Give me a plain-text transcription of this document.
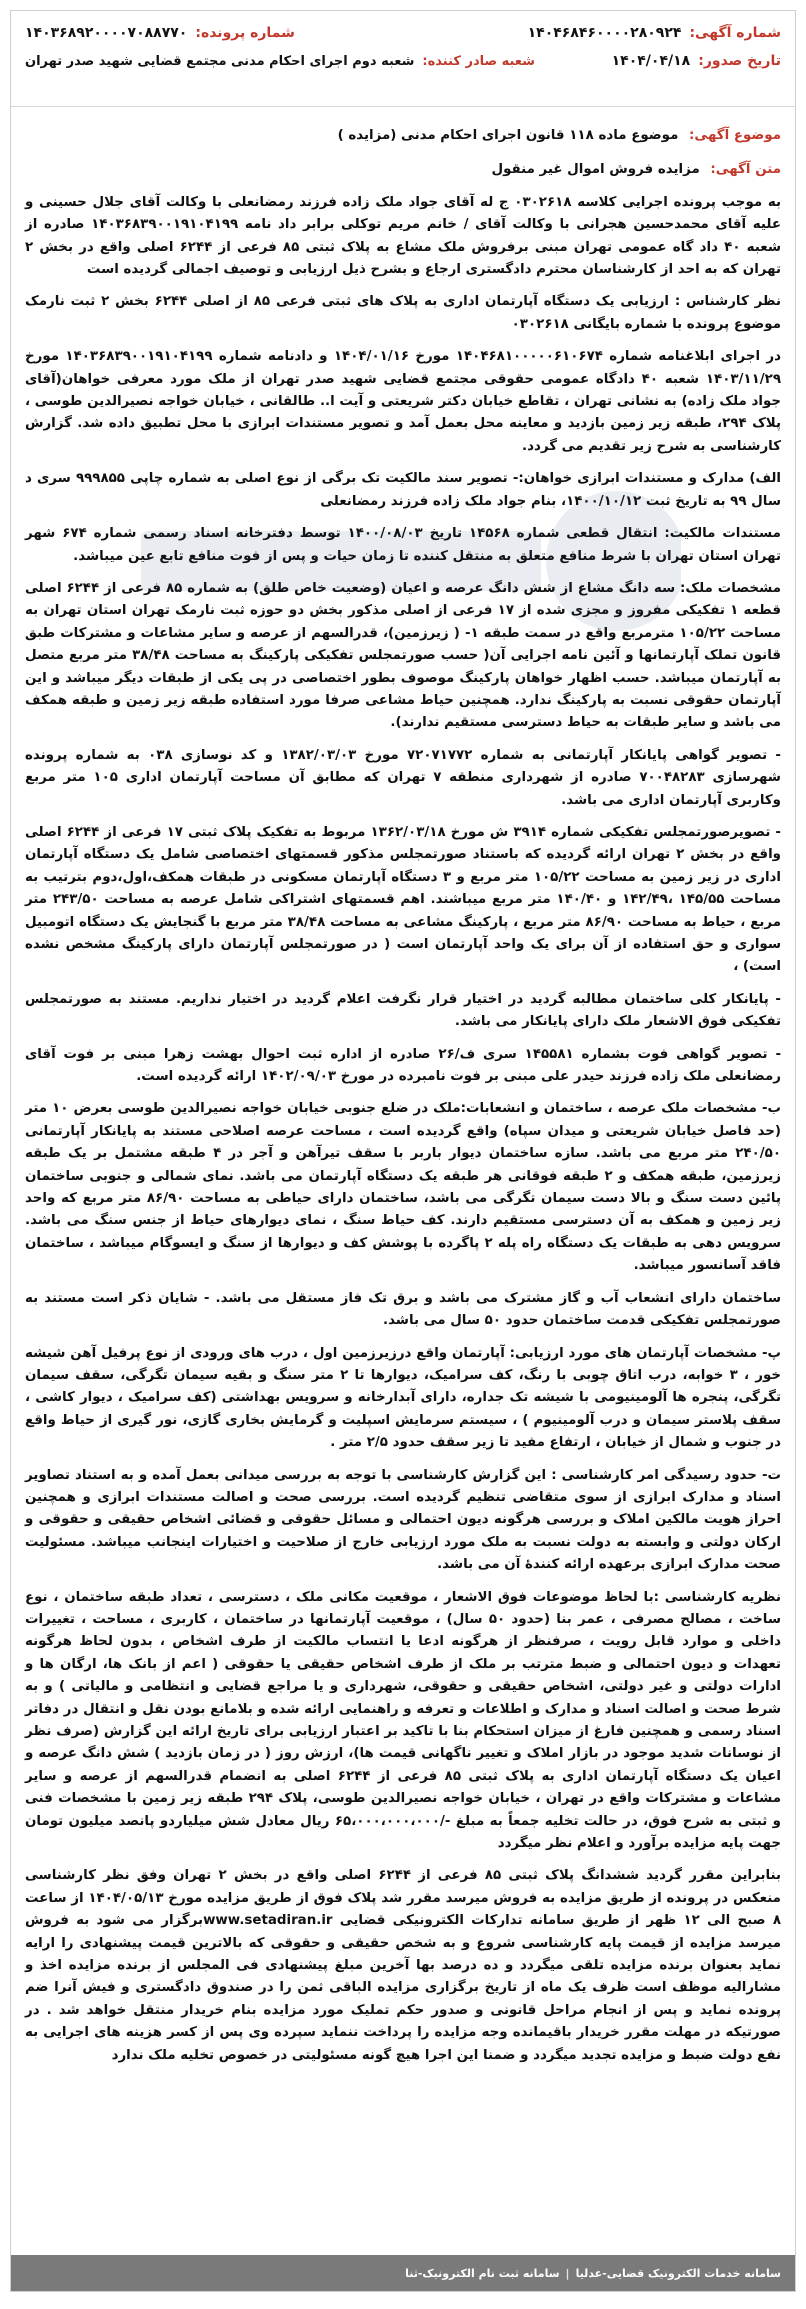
شماره آگهی:
۱۴۰۴۶۸۴۶۰۰۰۰۲۸۰۹۲۴
شماره پرونده:
۱۴۰۳۶۸۹۲۰۰۰۰۷۰۸۸۷۷۰
تاریخ صدور:
۱۴۰۴/۰۴/۱۸
شعبه صادر کننده:
شعبه دوم اجرای احکام مدنی مجتمع قضایی شهید صدر تهران
موضوع آگهی: موضوع ماده ۱۱۸ قانون اجرای احکام مدنی (مزایده )
متن آگهی: مزایده فروش اموال غیر منقول

به موجب پرونده اجرایی کلاسه ۰۳۰۲۶۱۸ ج له آقای جواد ملک زاده فرزند رمضانعلی با وکالت آقای جلال حسینی و علیه آقای محمدحسین هجرانی با وکالت آقای / خانم مریم توکلی برابر داد نامه ۱۴۰۳۶۸۳۹۰۰۱۹۱۰۴۱۹۹ صادره از شعبه ۴۰ داد گاه عمومی تهران مبنی برفروش ملک مشاع به پلاک ثبتی ۸۵ فرعی از ۶۲۴۴ اصلی واقع در بخش ۲ تهران که به احد از کارشناسان محترم دادگستری ارجاع و بشرح ذیل ارزیابی و توصیف اجمالی گردیده است

نظر کارشناس : ارزیابی یک دستگاه آپارتمان اداری به پلاک های ثبتی فرعی ۸۵ از اصلی ۶۲۴۴ بخش ۲ ثبت نارمک موضوع پرونده با شماره بایگانی ۰۳۰۲۶۱۸

در اجرای ابلاغنامه شماره ۱۴۰۴۶۸۱۰۰۰۰۰۶۱۰۶۷۴ مورخ ۱۴۰۴/۰۱/۱۶ و دادنامه شماره ۱۴۰۳۶۸۳۹۰۰۱۹۱۰۴۱۹۹ مورخ ۱۴۰۳/۱۱/۲۹ شعبه ۴۰ دادگاه عمومی حقوقی مجتمع قضایی شهید صدر تهران از ملک مورد معرفی خواهان(آقای جواد ملک زاده) به نشانی تهران ، تقاطع خیابان دکتر شریعتی و آیت ا.. طالقانی ، خیابان خواجه نصیرالدین طوسی ، پلاک ۲۹۴، طبقه زیر زمین بازدید و معاینه محل بعمل آمد و تصویر مستندات ابرازی با محل تطبیق داده شد. گزارش کارشناسی به شرح زیر تقدیم می گردد.

الف) مدارک و مستندات ابرازی خواهان:- تصویر سند مالکیت تک برگی از نوع اصلی به شماره چاپی ۹۹۹۸۵۵ سری د سال ۹۹ به تاریخ ثبت ۱۴۰۰/۱۰/۱۲، بنام جواد ملک زاده فرزند رمضانعلی

مستندات مالکیت: انتقال قطعی شماره ۱۴۵۶۸ تاریخ ۱۴۰۰/۰۸/۰۳ توسط دفترخانه اسناد رسمی شماره ۶۷۴ شهر تهران استان تهران با شرط منافع متعلق به منتقل کننده تا زمان حیات و پس از فوت منافع تابع عین میباشد.

مشخصات ملک: سه دانگ مشاع از شش دانگ عرصه و اعیان (وضعیت خاص طلق) به شماره ۸۵ فرعی از ۶۲۴۴ اصلی قطعه ۱ تفکیکی مفروز و مجزی شده از ۱۷ فرعی از اصلی مذکور بخش دو حوزه ثبت نارمک تهران استان تهران به مساحت ۱۰۵/۲۲ مترمربع واقع در سمت طبقه ۱- ( زیرزمین)، قدرالسهم از عرصه و سایر مشاعات و مشترکات طبق قانون تملک آپارتمانها و آئین نامه اجرایی آن( حسب صورتمجلس تفکیکی پارکینگ به مساحت ۳۸/۴۸ متر مربع متصل به آپارتمان میباشد. حسب اظهار خواهان پارکینگ موصوف بطور اختصاصی در پی یکی از طبقات دیگر میباشد و این آپارتمان حقوقی نسبت به پارکینگ ندارد. همچنین حیاط مشاعی صرفا مورد استفاده طبقه زیر زمین و طبقه همکف می باشد و سایر طبقات به حیاط دسترسی مستقیم ندارند).

- تصویر گواهی پایانکار آپارتمانی به شماره ۷۲۰۷۱۷۷۲ مورخ ۱۳۸۲/۰۳/۰۳ و کد نوسازی ۰۳۸ به شماره پرونده شهرسازی ۷۰۰۴۸۲۸۳ صادره از شهرداری منطقه ۷ تهران که مطابق آن مساحت آپارتمان اداری ۱۰۵ متر مربع وکاربری آپارتمان اداری می باشد.

- تصویرصورتمجلس تفکیکی شماره ۳۹۱۴ ش مورخ ۱۳۶۲/۰۳/۱۸ مربوط به تفکیک پلاک ثبتی ۱۷ فرعی از ۶۲۴۴ اصلی واقع در بخش ۲ تهران ارائه گردیده که باستناد صورتمجلس مذکور قسمتهای اختصاصی شامل یک دستگاه آپارتمان اداری در زیر زمین به مساحت ۱۰۵/۲۲ متر مربع و ۳ دستگاه آپارتمان مسکونی در طبقات همکف،اول،دوم بترتیب به مساحت ۱۴۵/۵۵ ،۱۴۲/۴۹ و ۱۴۰/۴۰ متر مربع میباشند. اهم قسمتهای اشتراکی شامل عرصه به مساحت ۲۴۳/۵۰ متر مربع ، حیاط به مساحت ۸۶/۹۰ متر مربع ، پارکینگ مشاعی به مساحت ۳۸/۴۸ متر مربع با گنجایش یک دستگاه اتومبیل سواری و حق استفاده از آن برای یک واحد آپارتمان است ( در صورتمجلس آپارتمان دارای پارکینگ مشخص نشده است) ،

- پایانکار کلی ساختمان مطالبه گردید در اختیار قرار نگرفت اعلام گردید در اختیار نداریم. مستند به صورتمجلس تفکیکی فوق الاشعار ملک دارای پایانکار می باشد.

- تصویر گواهی فوت بشماره ۱۴۵۵۸۱ سری ف/۲۶ صادره از اداره ثبت احوال بهشت زهرا مبنی بر فوت آقای رمضانعلی ملک زاده فرزند حیدر علی مبنی بر فوت نامبرده در مورخ ۱۴۰۲/۰۹/۰۳ ارائه گردیده است.

ب- مشخصات ملک عرصه ، ساختمان و انشعابات:ملک در ضلع جنوبی خیابان خواجه نصیرالدین طوسی بعرض ۱۰ متر (حد فاصل خیابان شریعتی و میدان سپاه) واقع گردیده است ، مساحت عرصه اصلاحی مستند به پایانکار آپارتمانی ۲۴۰/۵۰ متر مربع می باشد. سازه ساختمان دیوار باربر با سقف تیرآهن و آجر در ۴ طبقه مشتمل بر یک طبقه زیرزمین، طبقه همکف و ۲ طبقه فوقانی هر طبقه یک دستگاه آپارتمان می باشد. نمای شمالی و جنوبی ساختمان پائین دست سنگ و بالا دست سیمان تگرگی می باشد، ساختمان دارای حیاطی به مساحت ۸۶/۹۰ متر مربع که واحد زیر زمین و همکف به آن دسترسی مستقیم دارند. کف حیاط سنگ ، نمای دیوارهای حیاط از جنس سنگ می باشد. سرویس دهی به طبقات یک دستگاه راه پله ۲ پاگرده با پوشش کف و دیوارها از سنگ و ایسوگام میباشد ، ساختمان فاقد آسانسور میباشد.

ساختمان دارای انشعاب آب و گاز مشترک می باشد و برق تک فاز مستقل می باشد. - شایان ذکر است مستند به صورتمجلس تفکیکی قدمت ساختمان حدود ۵۰ سال می باشد.

پ- مشخصات آپارتمان های مورد ارزیابی: آپارتمان واقع درزیرزمین اول ، درب های ورودی از نوع پرفیل آهن شیشه خور ، ۳ خوابه، درب اتاق چوبی با رنگ، کف سرامیک، دیوارها تا ۲ متر سنگ و بقیه سیمان تگرگی، سقف سیمان تگرگی، پنجره ها آلومینیومی با شیشه تک جداره، دارای آبدارخانه و سرویس بهداشتی (کف سرامیک ، دیوار کاشی ، سقف پلاستر سیمان و درب آلومینیوم ) ، سیستم سرمایش اسپلیت و گرمایش بخاری گازی، نور گیری از حیاط واقع در جنوب و شمال از خیابان ، ارتفاع مفید تا زیر سقف حدود ۲/۵ متر .

ت- حدود رسیدگی امر کارشناسی : این گزارش کارشناسی با توجه به بررسی میدانی بعمل آمده و به استناد تصاویر اسناد و مدارک ابرازی از سوی متقاضی تنظیم گردیده است. بررسی صحت و اصالت مستندات ابرازی و همچنین احراز هویت مالکین املاک و بررسی هرگونه دیون احتمالی و مسائل حقوقی و قضائی اشخاص حقیقی و حقوقی و ارکان دولتی و وابسته به دولت نسبت به ملک مورد ارزیابی خارج از صلاحیت و اختیارات اینجانب میباشد. مسئولیت صحت مدارک ابرازی برعهده ارائه کنندۀ آن می باشد.

نظریه کارشناسی :با لحاظ موضوعات فوق الاشعار ، موقعیت مکانی ملک ، دسترسی ، تعداد طبقه ساختمان ، نوع ساخت ، مصالح مصرفی ، عمر بنا (حدود ۵۰ سال) ، موقعیت آپارتمانها در ساختمان ، کاربری ، مساحت ، تغییرات داخلی و موارد قابل رویت ، صرفنظر از هرگونه ادعا یا انتساب مالکیت از طرف اشخاص ، بدون لحاظ هرگونه تعهدات و دیون احتمالی و ضبط مترتب بر ملک از طرف اشخاص حقیقی یا حقوقی ( اعم از بانک ها، ارگان ها و ادارات دولتی و غیر دولتی، اشخاص حقیقی و حقوقی، شهرداری و یا مراجع قضایی و انتظامی و مالیاتی ) و به شرط صحت و اصالت اسناد و مدارک و اطلاعات و تعرفه و راهنمایی ارائه شده و بلامانع بودن نقل و انتقال در دفاتر اسناد رسمی و همچنین فارغ از میزان استحکام بنا با تاکید بر اعتبار ارزیابی برای تاریخ ارائه این گزارش (صرف نظر از نوسانات شدید موجود در بازار املاک و تغییر ناگهانی قیمت ها)، ارزش روز ( در زمان بازدید ) شش دانگ عرصه و اعیان یک دستگاه آپارتمان اداری به پلاک ثبتی ۸۵ فرعی از ۶۲۴۴ اصلی به انضمام قدرالسهم از عرصه و سایر مشاعات و مشترکات واقع در تهران ، خیابان خواجه نصیرالدین طوسی، پلاک ۲۹۴ طبقه زیر زمین با مشخصات فنی و ثبتی به شرح فوق، در حالت تخلیه جمعاً به مبلغ -/۶۵،۰۰۰،۰۰۰،۰۰۰ ریال معادل شش میلیاردو پانصد میلیون تومان جهت پایه مزایده برآورد و اعلام نظر میگردد

بنابراین مقرر گردید ششدانگ پلاک ثبتی ۸۵ فرعی از ۶۲۴۴ اصلی واقع در بخش ۲ تهران وفق نظر کارشناسی منعکس در پرونده از طریق مزایده به فروش میرسد مقرر شد پلاک فوق از طریق مزایده مورخ ۱۴۰۴/۰۵/۱۳ از ساعت ۸ صبح الی ۱۲ ظهر از طریق سامانه تدارکات الکترونیکی قضایی www.setadiran.irبرگزار می شود به فروش میرسد مزایده از قیمت پایه کارشناسی شروع و به شخص حقیقی و حقوقی که بالاترین قیمت پیشنهادی را ارایه نماید بعنوان برنده مزایده تلقی میگردد و ده درصد بها آخرین مبلغ پیشنهادی فی المجلس از برنده مزایده اخذ و مشارالیه موظف است ظرف یک ماه از تاریخ برگزاری مزایده الباقی ثمن را در صندوق دادگستری و فیش آنرا ضم پرونده نماید و پس از انجام مراحل قانونی و صدور حکم تملیک مورد مزایده بنام خریدار منتقل خواهد شد . در صورتیکه در مهلت مقرر خریدار باقیمانده وجه مزایده را پرداخت ننماید سپرده وی پس از کسر هزینه های اجرایی به نفع دولت ضبط و مزایده تجدید میگردد و ضمنا این اجرا هیچ گونه مسئولیتی در خصوص تخلیه ملک ندارد

سامانه خدمات الکترونیک قضایی-عدلیا
|
سامانه ثبت نام الکترونیک-ثنا
